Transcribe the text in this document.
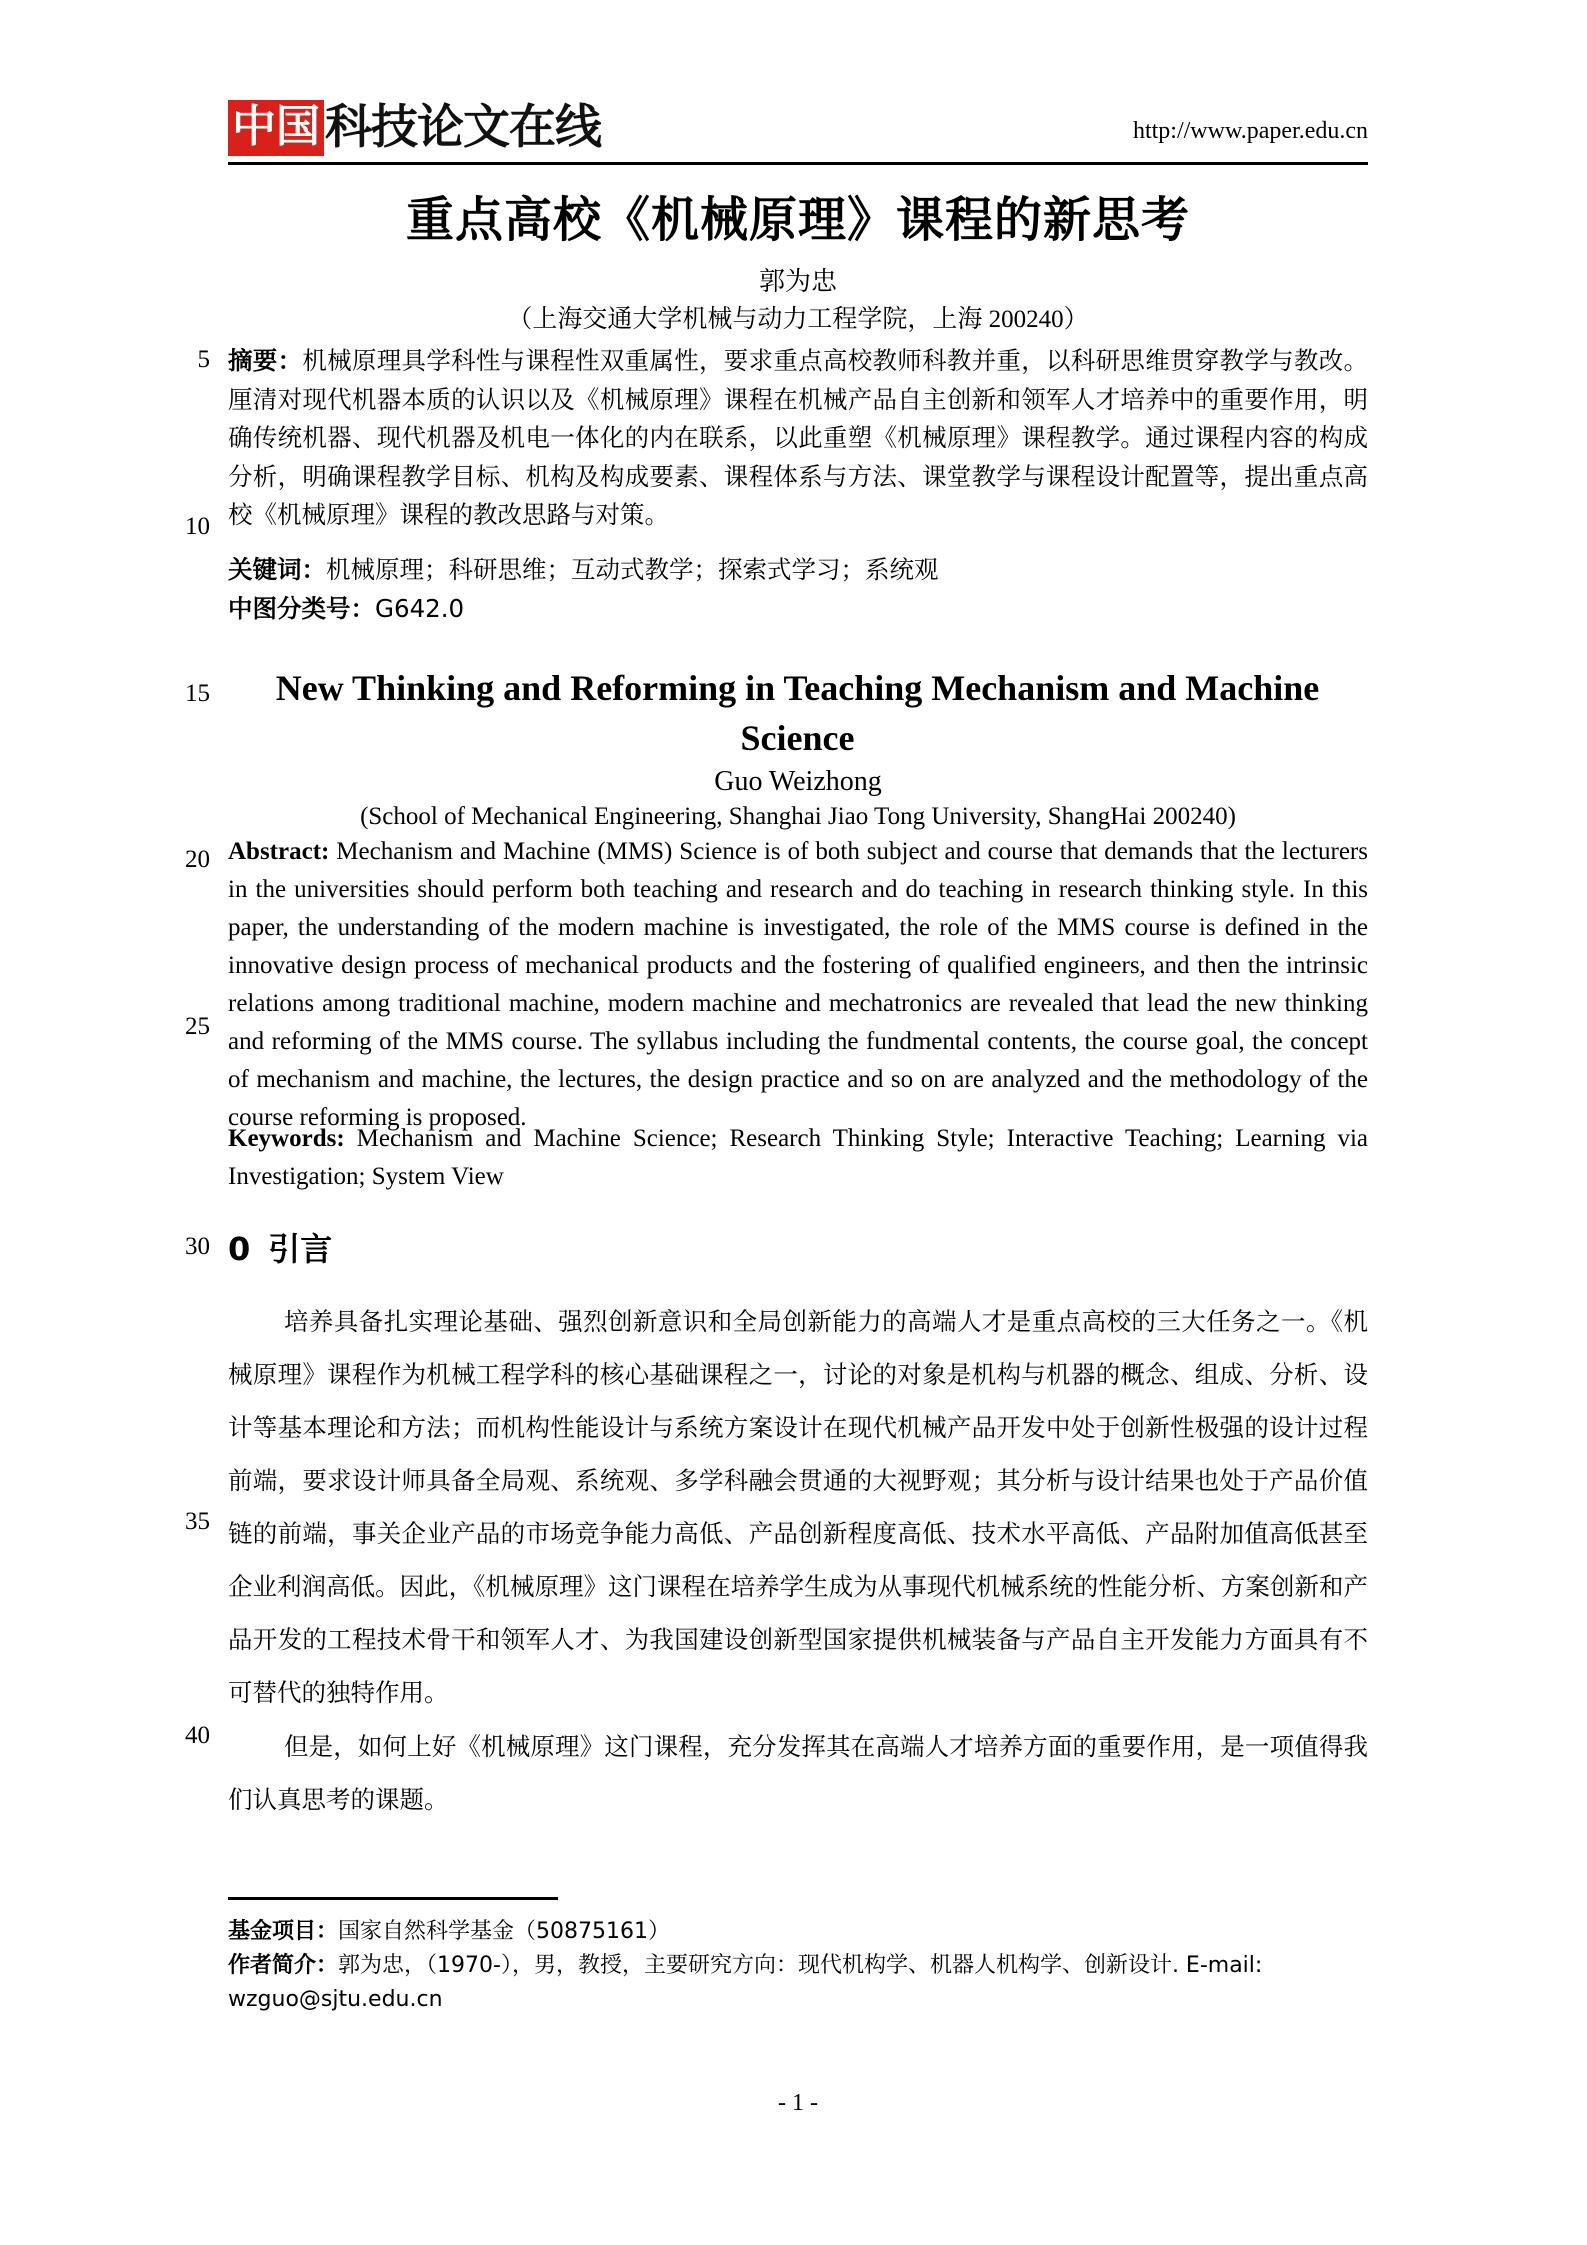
中国 科技论文在线	http://www.paper.edu.cn
5
10
15
20
25
30
35
40
重点高校《机械原理》课程的新思考
郭为忠
（上海交通大学机械与动力工程学院，上海 200240）
摘要：机械原理具学科性与课程性双重属性，要求重点高校教师科教并重，以科研思维贯穿教学与教改。厘清对现代机器本质的认识以及《机械原理》课程在机械产品自主创新和领军人才培养中的重要作用，明确传统机器、现代机器及机电一体化的内在联系，以此重塑《机械原理》课程教学。通过课程内容的构成分析，明确课程教学目标、机构及构成要素、课程体系与方法、课堂教学与课程设计配置等，提出重点高校《机械原理》课程的教改思路与对策。
关键词：机械原理；科研思维；互动式教学；探索式学习；系统观
中图分类号：G642.0
New Thinking and Reforming in Teaching Mechanism and Machine Science
Guo Weizhong
(School of Mechanical Engineering, Shanghai Jiao Tong University, ShangHai 200240)
Abstract: Mechanism and Machine (MMS) Science is of both subject and course that demands that the lecturers in the universities should perform both teaching and research and do teaching in research thinking style. In this paper, the understanding of the modern machine is investigated, the role of the MMS course is defined in the innovative design process of mechanical products and the fostering of qualified engineers, and then the intrinsic relations among traditional machine, modern machine and mechatronics are revealed that lead the new thinking and reforming of the MMS course. The syllabus including the fundmental contents, the course goal, the concept of mechanism and machine, the lectures, the design practice and so on are analyzed and the methodology of the course reforming is proposed.
Keywords: Mechanism and Machine Science; Research Thinking Style; Interactive Teaching; Learning via Investigation; System View
0 引言
培养具备扎实理论基础、强烈创新意识和全局创新能力的高端人才是重点高校的三大任务之一。《机械原理》课程作为机械工程学科的核心基础课程之一，讨论的对象是机构与机器的概念、组成、分析、设计等基本理论和方法；而机构性能设计与系统方案设计在现代机械产品开发中处于创新性极强的设计过程前端，要求设计师具备全局观、系统观、多学科融会贯通的大视野观；其分析与设计结果也处于产品价值链的前端，事关企业产品的市场竞争能力高低、产品创新程度高低、技术水平高低、产品附加值高低甚至企业利润高低。因此，《机械原理》这门课程在培养学生成为从事现代机械系统的性能分析、方案创新和产品开发的工程技术骨干和领军人才、为我国建设创新型国家提供机械装备与产品自主开发能力方面具有不可替代的独特作用。
但是，如何上好《机械原理》这门课程，充分发挥其在高端人才培养方面的重要作用，是一项值得我们认真思考的课题。
基金项目：国家自然科学基金（50875161）
作者简介：郭为忠，（1970-），男，教授，主要研究方向：现代机构学、机器人机构学、创新设计. E-mail: wzguo@sjtu.edu.cn
- 1 -
